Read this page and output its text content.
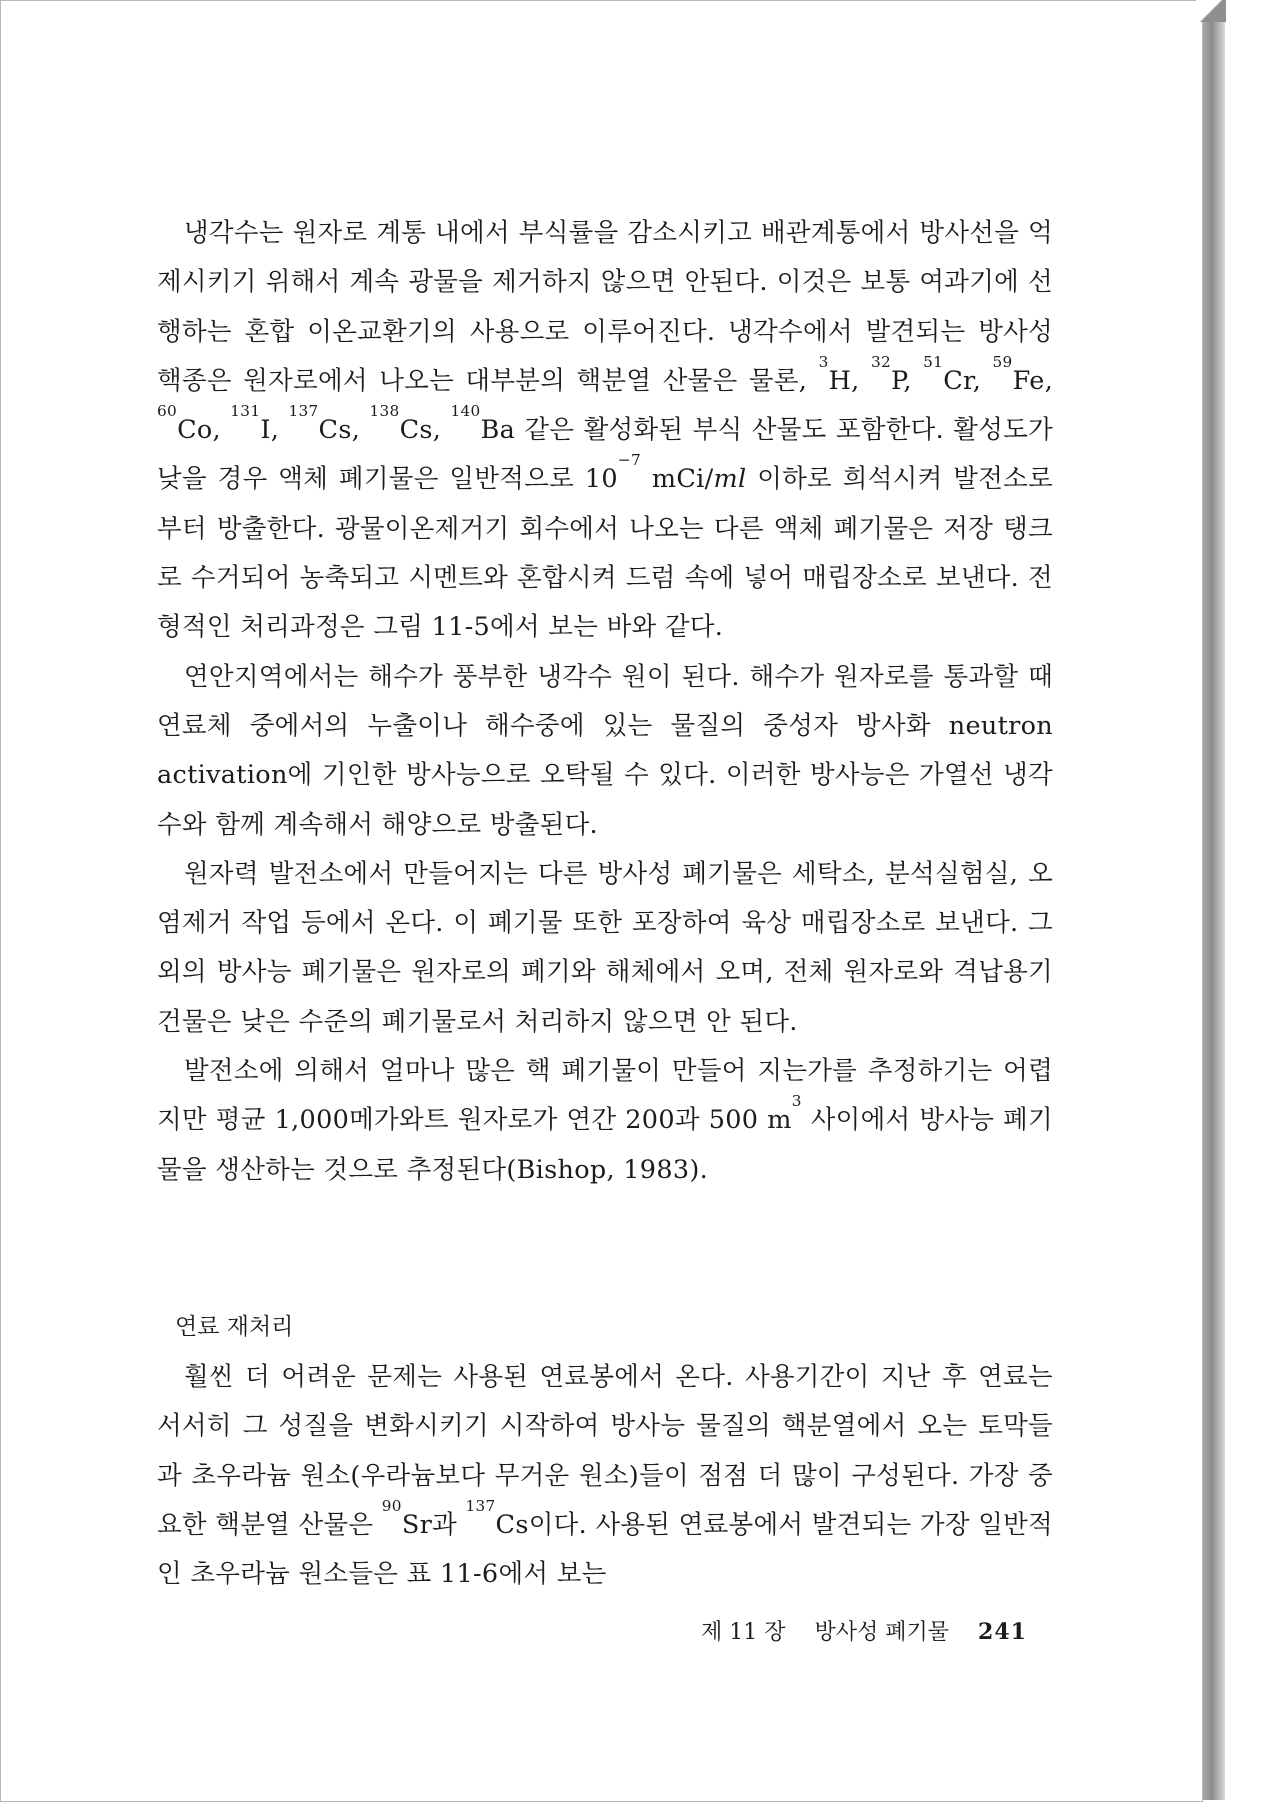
냉각수는 원자로 계통 내에서 부식률을 감소시키고 배관계통에서 방사선을 억제시키기 위해서 계속 광물을 제거하지 않으면 안된다. 이것은 보통 여과기에 선행하는 혼합 이온교환기의 사용으로 이루어진다. 냉각수에서 발견되는 방사성 핵종은 원자로에서 나오는 대부분의 핵분열 산물은 물론, $^3$H, $^{32}$P, $^{51}$Cr, $^{59}$Fe, $^{60}$Co, $^{131}$I, $^{137}$Cs, $^{138}$Cs, $^{140}$Ba 같은 활성화된 부식 산물도 포함한다. 활성도가 낮을 경우 액체 폐기물은 일반적으로 $10^{-7}$ mCi/ml 이하로 희석시켜 발전소로부터 방출한다. 광물이온제거기 회수에서 나오는 다른 액체 폐기물은 저장 탱크로 수거되어 농축되고 시멘트와 혼합시켜 드럼 속에 넣어 매립장소로 보낸다. 전형적인 처리과정은 그림 11-5에서 보는 바와 같다.

연안지역에서는 해수가 풍부한 냉각수 원이 된다. 해수가 원자로를 통과할 때 연료체 중에서의 누출이나 해수중에 있는 물질의 중성자 방사화 neutron activation에 기인한 방사능으로 오탁될 수 있다. 이러한 방사능은 가열선 냉각수와 함께 계속해서 해양으로 방출된다.

원자력 발전소에서 만들어지는 다른 방사성 폐기물은 세탁소, 분석실험실, 오염제거 작업 등에서 온다. 이 폐기물 또한 포장하여 육상 매립장소로 보낸다. 그 외의 방사능 폐기물은 원자로의 폐기와 해체에서 오며, 전체 원자로와 격납용기 건물은 낮은 수준의 폐기물로서 처리하지 않으면 안 된다.

발전소에 의해서 얼마나 많은 핵 폐기물이 만들어 지는가를 추정하기는 어렵지만 평균 1,000메가와트 원자로가 연간 200과 500 $m^3$ 사이에서 방사능 폐기물을 생산하는 것으로 추정된다(Bishop, 1983).

연료 재처리

훨씬 더 어려운 문제는 사용된 연료봉에서 온다. 사용기간이 지난 후 연료는 서서히 그 성질을 변화시키기 시작하여 방사능 물질의 핵분열에서 오는 토막들과 초우라늄 원소(우라늄보다 무거운 원소)들이 점점 더 많이 구성된다. 가장 중요한 핵분열 산물은 $^{90}$Sr과 $^{137}$Cs이다. 사용된 연료봉에서 발견되는 가장 일반적인 초우라늄 원소들은 표 11-6에서 보는

제 11 장 방사성 폐기물 241
